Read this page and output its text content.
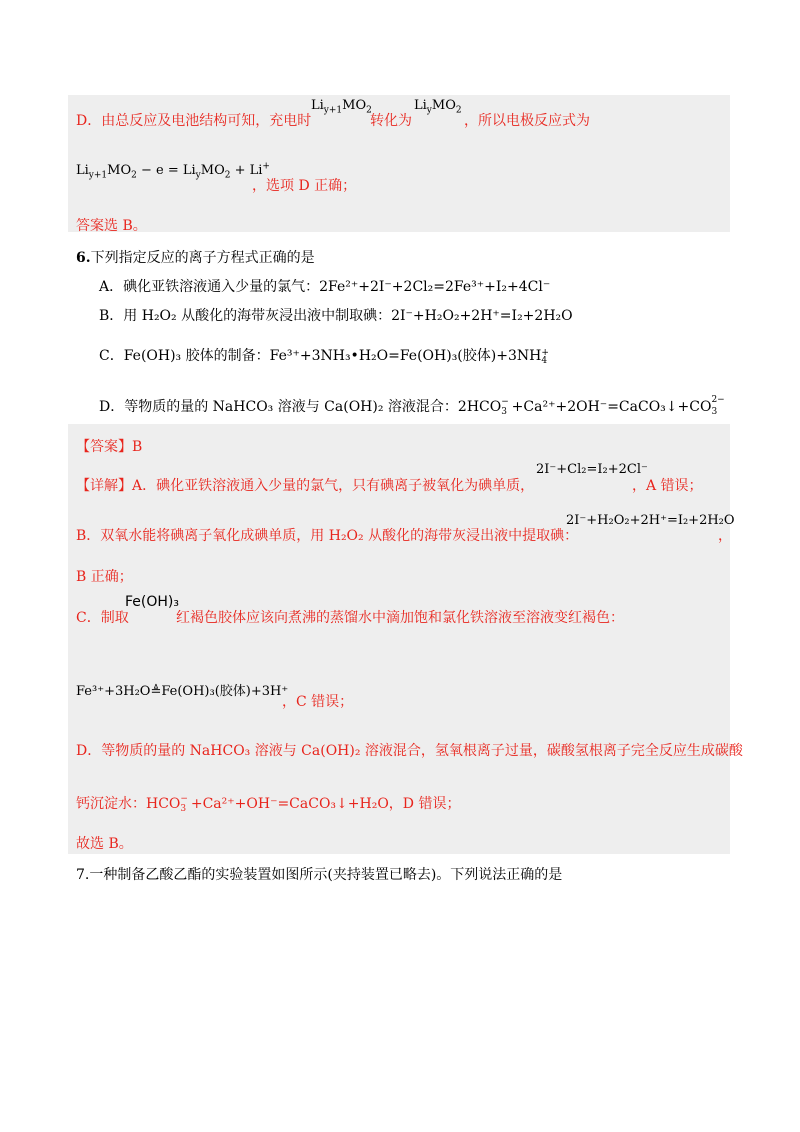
D．由总反应及电池结构可知，充电时
$Li_{y+1}MO_2$
转化为
$Li_yMO_2$
，所以电极反应式为
$Li_{y+1}MO_2 - e = Li_yMO_2 + Li^+$
，选项 D 正确；
答案选 B。
6.下列指定反应的离子方程式正确的是
A．碘化亚铁溶液通入少量的氯气：2Fe²⁺+2I⁻+2Cl₂=2Fe³⁺+I₂+4Cl⁻
B．用 H₂O₂ 从酸化的海带灰浸出液中制取碘：2I⁻+H₂O₂+2H⁺=I₂+2H₂O
C．Fe(OH)₃ 胶体的制备：Fe³⁺+3NH₃•H₂O=Fe(OH)₃(胶体)+3NH +
4
D．等物质的量的 NaHCO₃ 溶液与 Ca(OH)₂ 溶液混合：2HCO −
3 +Ca²⁺+2OH⁻=CaCO₃↓+CO 2−
3
【答案】B
【详解】A．碘化亚铁溶液通入少量的氯气，只有碘离子被氧化为碘单质，
2I⁻+Cl₂=I₂+2Cl⁻
，A 错误；
B．双氧水能将碘离子氧化成碘单质，用 H₂O₂ 从酸化的海带灰浸出液中提取碘：
2I⁻+H₂O₂+2H⁺=I₂+2H₂O
，
B 正确；
C．制取
Fe(OH)₃
红褐色胶体应该向煮沸的蒸馏水中滴加饱和氯化铁溶液至溶液变红褐色：
Fe³⁺+3H₂O≜Fe(OH)₃(胶体)+3H⁺
，C 错误；
D．等物质的量的 NaHCO₃ 溶液与 Ca(OH)₂ 溶液混合，氢氧根离子过量，碳酸氢根离子完全反应生成碳酸
钙沉淀水：HCO −
3 +Ca²⁺+OH⁻=CaCO₃↓+H₂O，D 错误；
故选 B。
7.一种制备乙酸乙酯的实验装置如图所示(夹持装置已略去)。下列说法正确的是
